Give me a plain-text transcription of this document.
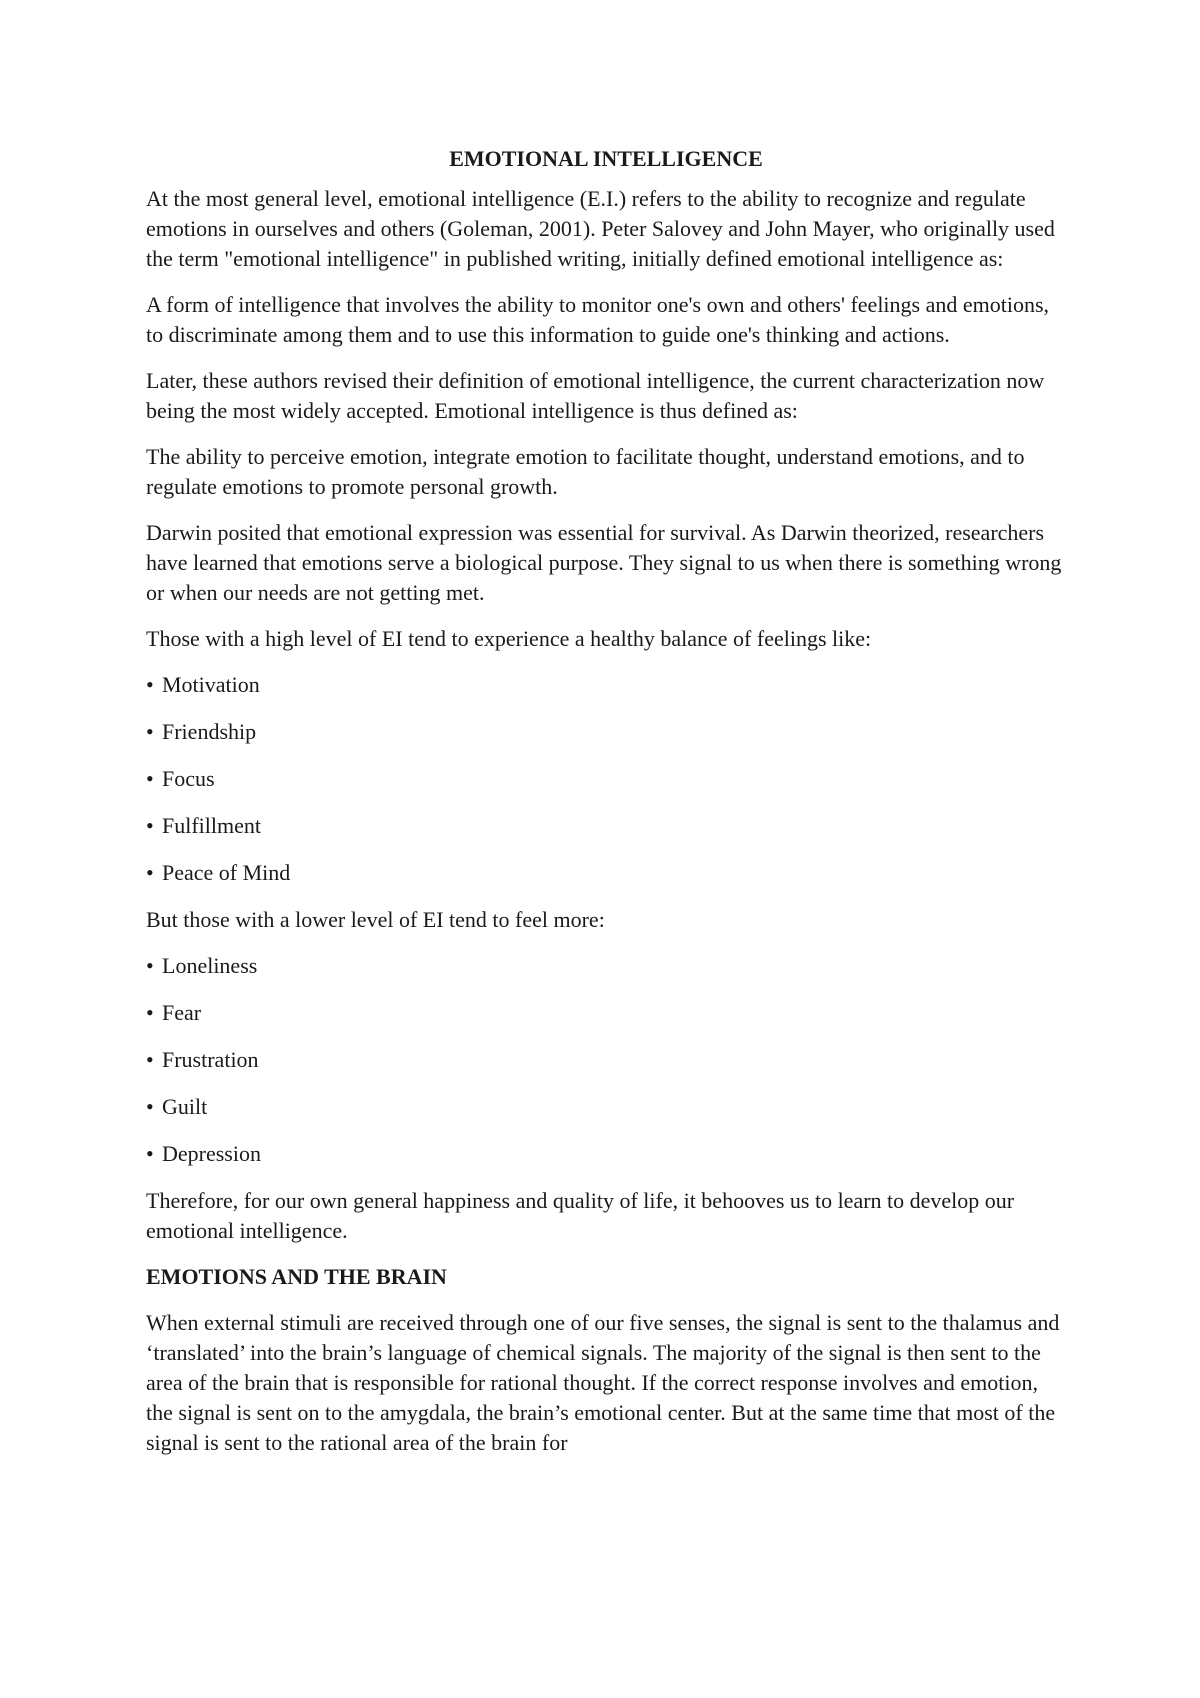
EMOTIONAL INTELLIGENCE

At the most general level, emotional intelligence (E.I.) refers to the ability to recognize and regulate emotions in ourselves and others (Goleman, 2001). Peter Salovey and John Mayer, who originally used the term "emotional intelligence" in published writing, initially defined emotional intelligence as:

A form of intelligence that involves the ability to monitor one's own and others' feelings and emotions, to discriminate among them and to use this information to guide one's thinking and actions.

Later, these authors revised their definition of emotional intelligence, the current characterization now being the most widely accepted. Emotional intelligence is thus defined as:

The ability to perceive emotion, integrate emotion to facilitate thought, understand emotions, and to regulate emotions to promote personal growth.

Darwin posited that emotional expression was essential for survival. As Darwin theorized, researchers have learned that emotions serve a biological purpose. They signal to us when there is something wrong or when our needs are not getting met.

Those with a high level of EI tend to experience a healthy balance of feelings like:

• Motivation
• Friendship
• Focus
• Fulfillment
• Peace of Mind

But those with a lower level of EI tend to feel more:

• Loneliness
• Fear
• Frustration
• Guilt
• Depression

Therefore, for our own general happiness and quality of life, it behooves us to learn to develop our emotional intelligence.

EMOTIONS AND THE BRAIN

When external stimuli are received through one of our five senses, the signal is sent to the thalamus and ‘translated’ into the brain’s language of chemical signals. The majority of the signal is then sent to the area of the brain that is responsible for rational thought. If the correct response involves and emotion, the signal is sent on to the amygdala, the brain’s emotional center. But at the same time that most of the signal is sent to the rational area of the brain for
